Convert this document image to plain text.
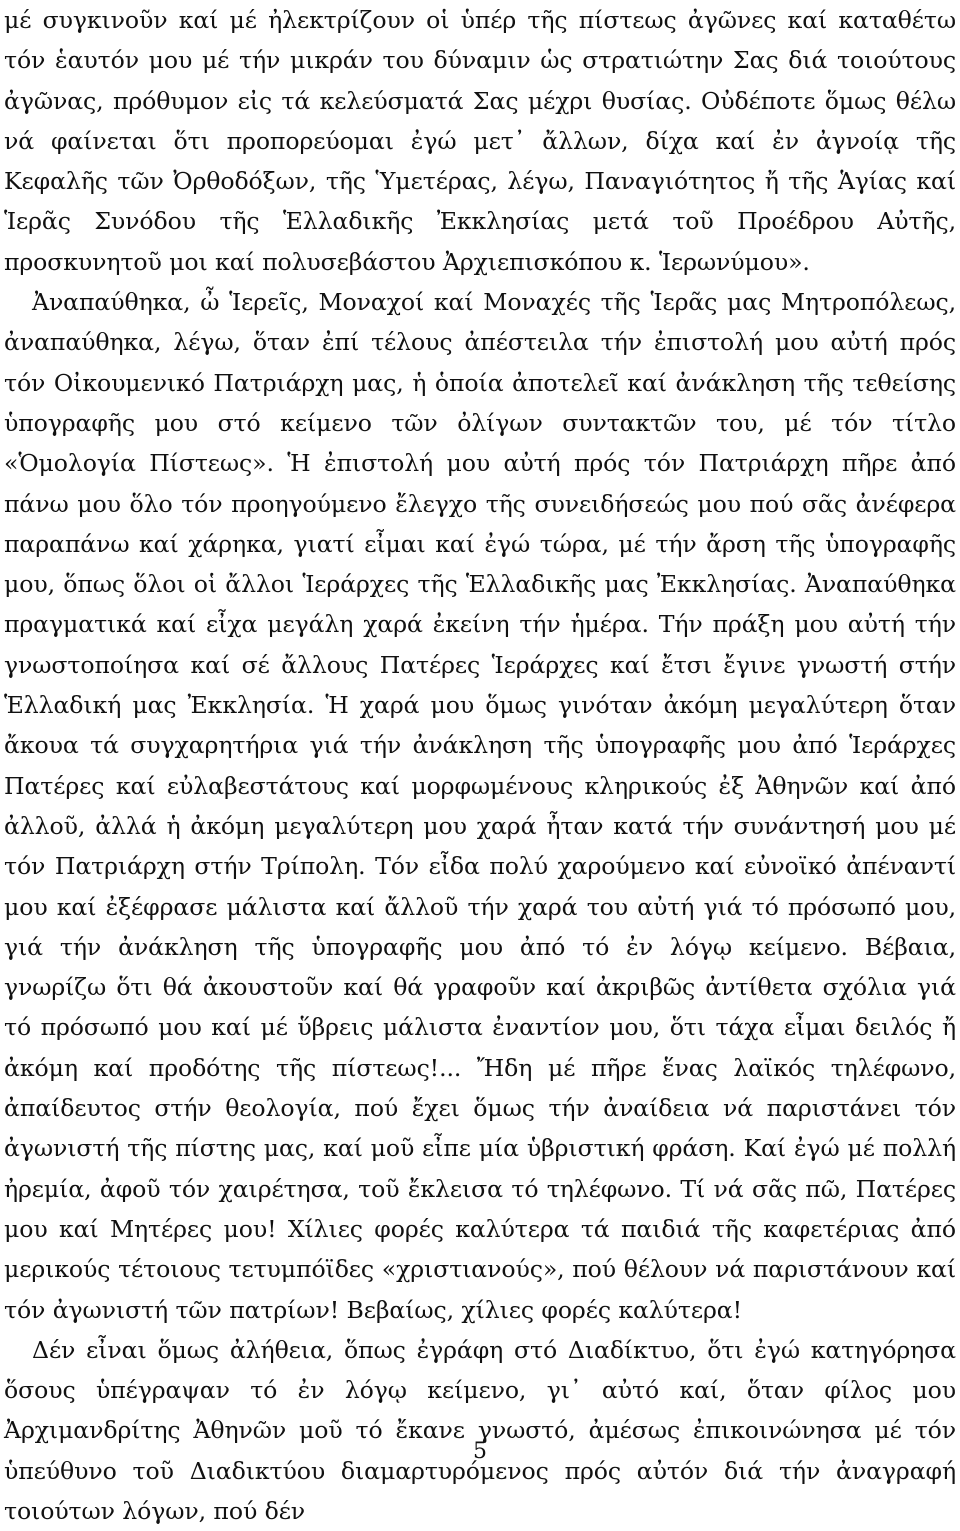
μέ συγκινοῦν καί μέ ἠλεκτρίζουν οἱ ὑπέρ τῆς πίστεως ἀγῶνες καί καταθέτω τόν ἑαυτόν μου μέ τήν μικράν του δύναμιν ὡς στρατιώτην Σας διά τοιούτους ἀγῶνας, πρόθυμον εἰς τά κελεύσματά Σας μέχρι θυσίας. Οὐδέποτε ὅμως θέλω νά φαίνεται ὅτι προπορεύομαι ἐγώ μετ᾽ ἄλλων, δίχα καί ἐν ἀγνοίᾳ τῆς Κεφαλῆς τῶν Ὀρθοδόξων, τῆς Ὑμετέρας, λέγω, Παναγιότητος ἤ τῆς Ἁγίας καί Ἱερᾶς Συνόδου τῆς Ἑλλαδικῆς Ἐκκλησίας μετά τοῦ Προέδρου Αὐτῆς, προσκυνητοῦ μοι καί πολυσεβάστου Ἀρχιεπισκόπου κ. Ἱερωνύμου».

Ἀναπαύθηκα, ὦ Ἱερεῖς, Μοναχοί καί Μοναχές τῆς Ἱερᾶς μας Μητροπόλεως, ἀναπαύθηκα, λέγω, ὅταν ἐπί τέλους ἀπέστειλα τήν ἐπιστολή μου αὐτή πρός τόν Οἰκουμενικό Πατριάρχη μας, ἡ ὁποία ἀποτελεῖ καί ἀνάκληση τῆς τεθείσης ὑπογραφῆς μου στό κείμενο τῶν ὀλίγων συντακτῶν του, μέ τόν τίτλο «Ὁμολογία Πίστεως». Ἡ ἐπιστολή μου αὐτή πρός τόν Πατριάρχη πῆρε ἀπό πάνω μου ὅλο τόν προηγούμενο ἔλεγχο τῆς συνειδήσεώς μου πού σᾶς ἀνέφερα παραπάνω καί χάρηκα, γιατί εἶμαι καί ἐγώ τώρα, μέ τήν ἄρση τῆς ὑπογραφῆς μου, ὅπως ὅλοι οἱ ἄλλοι Ἱεράρχες τῆς Ἑλλαδικῆς μας Ἐκκλησίας. Ἀναπαύθηκα πραγματικά καί εἶχα μεγάλη χαρά ἐκείνη τήν ἡμέρα. Τήν πράξη μου αὐτή τήν γνωστοποίησα καί σέ ἄλλους Πατέρες Ἱεράρχες καί ἔτσι ἔγινε γνωστή στήν Ἑλλαδική μας Ἐκκλησία. Ἡ χαρά μου ὅμως γινόταν ἀκόμη μεγαλύτερη ὅταν ἄκουα τά συγχαρητήρια γιά τήν ἀνάκληση τῆς ὑπογραφῆς μου ἀπό Ἱεράρχες Πατέρες καί εὐλαβεστάτους καί μορφωμένους κληρικούς ἐξ Ἀθηνῶν καί ἀπό ἀλλοῦ, ἀλλά ἡ ἀκόμη μεγαλύτερη μου χαρά ἦταν κατά τήν συνάντησή μου μέ τόν Πατριάρχη στήν Τρίπολη. Τόν εἶδα πολύ χαρούμενο καί εὐνοϊκό ἀπέναντί μου καί ἐξέφρασε μάλιστα καί ἄλλοῦ τήν χαρά του αὐτή γιά τό πρόσωπό μου, γιά τήν ἀνάκληση τῆς ὑπογραφῆς μου ἀπό τό ἐν λόγῳ κείμενο. Βέβαια, γνωρίζω ὅτι θά ἀκουστοῦν καί θά γραφοῦν καί ἀκριβῶς ἀντίθετα σχόλια γιά τό πρόσωπό μου καί μέ ὕβρεις μάλιστα ἐναντίον μου, ὅτι τάχα εἶμαι δειλός ἤ ἀκόμη καί προδότης τῆς πίστεως!... Ἤδη μέ πῆρε ἕνας λαϊκός τηλέφωνο, ἀπαίδευτος στήν θεολογία, πού ἔχει ὅμως τήν ἀναίδεια νά παριστάνει τόν ἀγωνιστή τῆς πίστης μας, καί μοῦ εἶπε μία ὑβριστική φράση. Καί ἐγώ μέ πολλή ἠρεμία, ἀφοῦ τόν χαιρέτησα, τοῦ ἔκλεισα τό τηλέφωνο. Τί νά σᾶς πῶ, Πατέρες μου καί Μητέρες μου! Χίλιες φορές καλύτερα τά παιδιά τῆς καφετέριας ἀπό μερικούς τέτοιους τετυμπόϊδες «χριστιανούς», πού θέλουν νά παριστάνουν καί τόν ἀγωνιστή τῶν πατρίων! Βεβαίως, χίλιες φορές καλύτερα!

Δέν εἶναι ὅμως ἀλήθεια, ὅπως ἐγράφη στό Διαδίκτυο, ὅτι ἐγώ κατηγόρησα ὅσους ὑπέγραψαν τό ἐν λόγῳ κείμενο, γι᾽ αὐτό καί, ὅταν φίλος μου Ἀρχιμανδρίτης Ἀθηνῶν μοῦ τό ἔκανε γνωστό, ἀμέσως ἐπικοινώνησα μέ τόν ὑπεύθυνο τοῦ Διαδικτύου διαμαρτυρόμενος πρός αὐτόν διά τήν ἀναγραφή τοιούτων λόγων, πού δέν

5
